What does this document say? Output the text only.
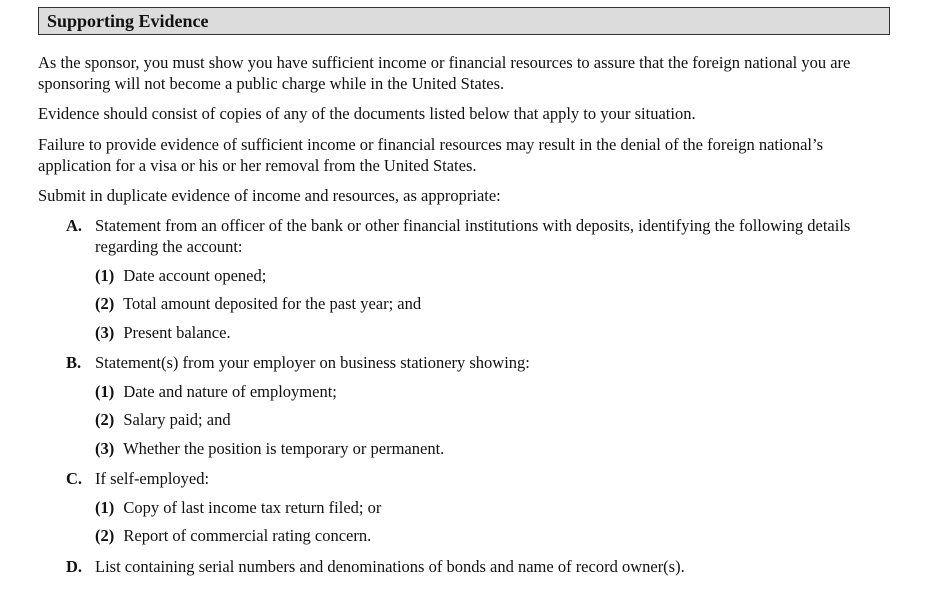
Supporting Evidence

As the sponsor, you must show you have sufficient income or financial resources to assure that the foreign national you are sponsoring will not become a public charge while in the United States.

Evidence should consist of copies of any of the documents listed below that apply to your situation.

Failure to provide evidence of sufficient income or financial resources may result in the denial of the foreign national’s application for a visa or his or her removal from the United States.

Submit in duplicate evidence of income and resources, as appropriate:

A. Statement from an officer of the bank or other financial institutions with deposits, identifying the following details regarding the account:
(1) Date account opened;
(2) Total amount deposited for the past year; and
(3) Present balance.
B. Statement(s) from your employer on business stationery showing:
(1) Date and nature of employment;
(2) Salary paid; and
(3) Whether the position is temporary or permanent.
C. If self-employed:
(1) Copy of last income tax return filed; or
(2) Report of commercial rating concern.
D. List containing serial numbers and denominations of bonds and name of record owner(s).
